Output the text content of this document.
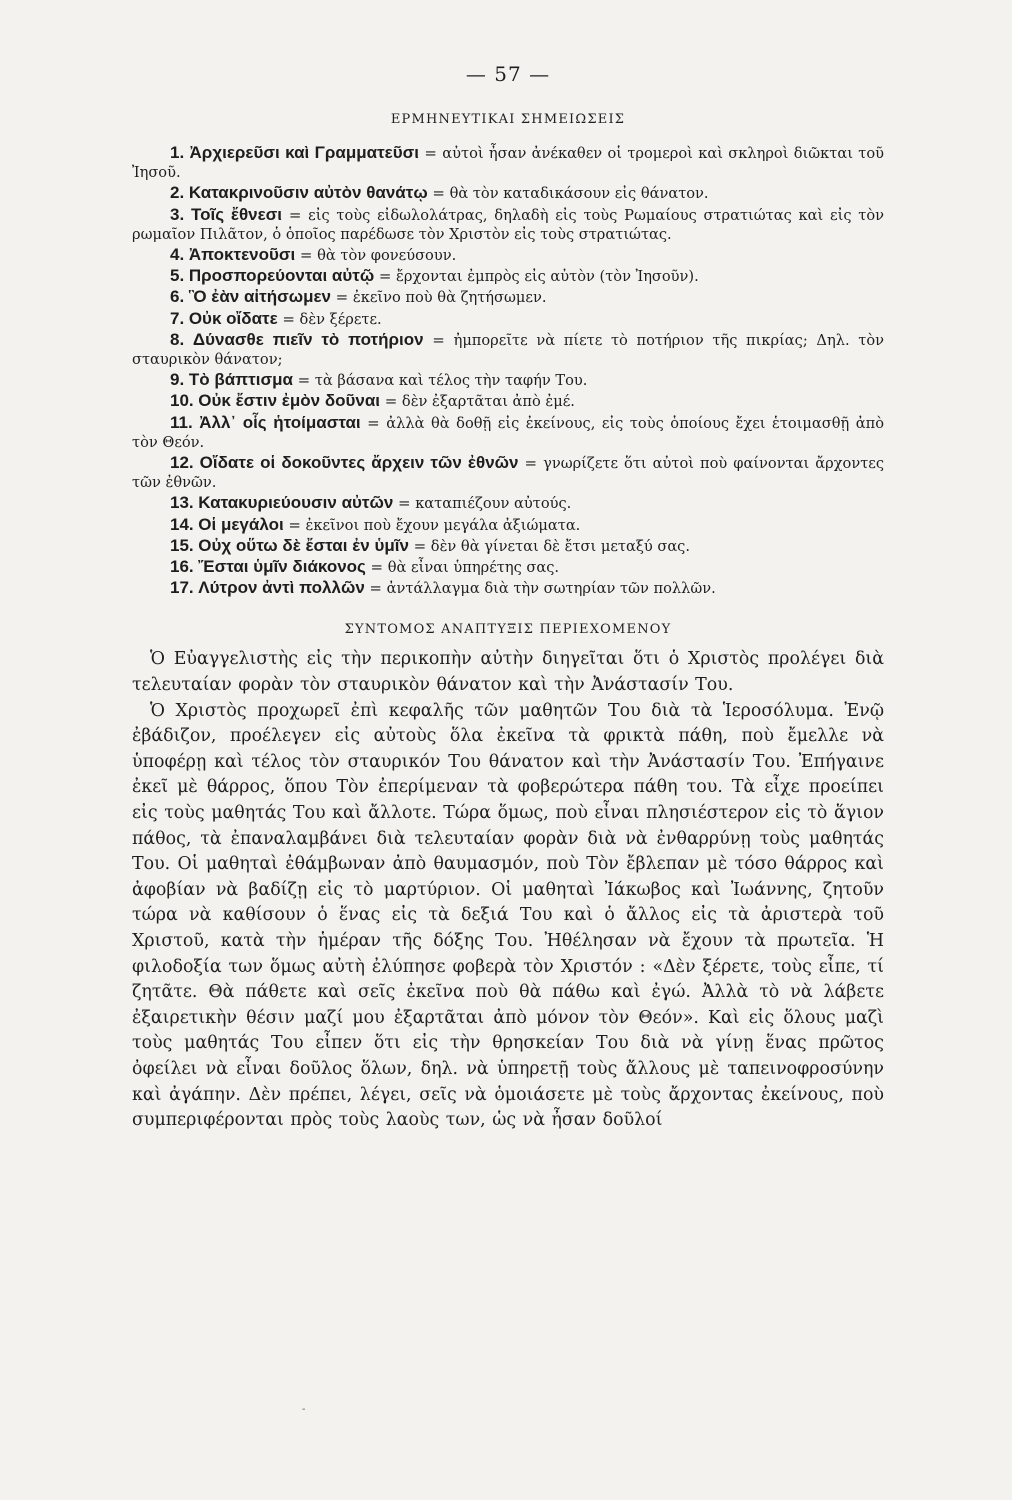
— 57 —
ΕΡΜΗΝΕΥΤΙΚΑΙ ΣΗΜΕΙΩΣΕΙΣ

1. Ἀρχιερεῦσι καὶ Γραμματεῦσι = αὐτοὶ ἦσαν ἀνέκαθεν οἱ τρομεροὶ καὶ σκληροὶ διῶκται τοῦ Ἰησοῦ.

2. Κατακρινοῦσιν αὐτὸν θανάτῳ = θὰ τὸν καταδικάσουν εἰς θάνατον.

3. Τοῖς ἔθνεσι = εἰς τοὺς εἰδωλολάτρας, δηλαδὴ εἰς τοὺς Ρωμαίους στρατιώτας καὶ εἰς τὸν ρωμαῖον Πιλᾶτον, ὁ ὁποῖος παρέδωσε τὸν Χριστὸν εἰς τοὺς στρατιώτας.

4. Ἀποκτενοῦσι = θὰ τὸν φονεύσουν.

5. Προσπορεύονται αὐτῷ = ἔρχονται ἐμπρὸς εἰς αὐτὸν (τὸν Ἰησοῦν).

6. Ὃ ἐὰν αἰτήσωμεν = ἐκεῖνο ποὺ θὰ ζητήσωμεν.

7. Οὐκ οἴδατε = δὲν ξέρετε.

8. Δύνασθε πιεῖν τὸ ποτήριον = ἠμπορεῖτε νὰ πίετε τὸ ποτήριον τῆς πικρίας; Δηλ. τὸν σταυρικὸν θάνατον;

9. Τὸ βάπτισμα = τὰ βάσανα καὶ τέλος τὴν ταφήν Του.

10. Οὐκ ἔστιν ἐμὸν δοῦναι = δὲν ἐξαρτᾶται ἀπὸ ἐμέ.

11. Ἀλλ᾽ οἷς ἡτοίμασται = ἀλλὰ θὰ δοθῇ εἰς ἐκείνους, εἰς τοὺς ὁποίους ἔχει ἑτοιμασθῇ ἀπὸ τὸν Θεόν.

12. Οἴδατε οἱ δοκοῦντες ἄρχειν τῶν ἐθνῶν = γνωρίζετε ὅτι αὐτοὶ ποὺ φαίνονται ἄρχοντες τῶν ἐθνῶν.

13. Κατακυριεύουσιν αὐτῶν = καταπιέζουν αὐτούς.

14. Οἱ μεγάλοι = ἐκεῖνοι ποὺ ἔχουν μεγάλα ἀξιώματα.

15. Οὐχ οὕτω δὲ ἔσται ἐν ὑμῖν = δὲν θὰ γίνεται δὲ ἔτσι μεταξύ σας.

16. Ἔσται ὑμῖν διάκονος = θὰ εἶναι ὑπηρέτης σας.

17. Λύτρον ἀντὶ πολλῶν = ἀντάλλαγμα διὰ τὴν σωτηρίαν τῶν πολλῶν.

ΣΥΝΤΟΜΟΣ ΑΝΑΠΤΥΞΙΣ ΠΕΡΙΕΧΟΜΕΝΟΥ

Ὁ Εὐαγγελιστὴς εἰς τὴν περικοπὴν αὐτὴν διηγεῖται ὅτι ὁ Χριστὸς προλέγει διὰ τελευταίαν φορὰν τὸν σταυρικὸν θάνατον καὶ τὴν Ἀνάστασίν Του.

Ὁ Χριστὸς προχωρεῖ ἐπὶ κεφαλῆς τῶν μαθητῶν Του διὰ τὰ Ἱεροσόλυμα. Ἐνῷ ἐβάδιζον, προέλεγεν εἰς αὐτοὺς ὅλα ἐκεῖνα τὰ φρικτὰ πάθη, ποὺ ἔμελλε νὰ ὑποφέρῃ καὶ τέλος τὸν σταυρικόν Του θάνατον καὶ τὴν Ἀνάστασίν Του. Ἐπήγαινε ἐκεῖ μὲ θάρρος, ὅπου Τὸν ἐπερίμεναν τὰ φοβερώτερα πάθη του. Τὰ εἶχε προείπει εἰς τοὺς μαθητάς Του καὶ ἄλλοτε. Τώρα ὅμως, ποὺ εἶναι πλησιέστερον εἰς τὸ ἅγιον πάθος, τὰ ἐπαναλαμβάνει διὰ τελευταίαν φορὰν διὰ νὰ ἐνθαρρύνῃ τοὺς μαθητάς Του. Οἱ μαθηταὶ ἐθάμβωναν ἀπὸ θαυμασμόν, ποὺ Τὸν ἔβλεπαν μὲ τόσο θάρρος καὶ ἀφοβίαν νὰ βαδίζῃ εἰς τὸ μαρτύριον. Οἱ μαθηταὶ Ἰάκωβος καὶ Ἰωάννης, ζητοῦν τώρα νὰ καθίσουν ὁ ἕνας εἰς τὰ δεξιά Του καὶ ὁ ἄλλος εἰς τὰ ἀριστερὰ τοῦ Χριστοῦ, κατὰ τὴν ἡμέραν τῆς δόξης Του. Ἠθέλησαν νὰ ἔχουν τὰ πρωτεῖα. Ἡ φιλοδοξία των ὅμως αὐτὴ ἐλύπησε φοβερὰ τὸν Χριστόν : «Δὲν ξέρετε, τοὺς εἶπε, τί ζητᾶτε. Θὰ πάθετε καὶ σεῖς ἐκεῖνα ποὺ θὰ πάθω καὶ ἐγώ. Ἀλλὰ τὸ νὰ λάβετε ἐξαιρετικὴν θέσιν μαζί μου ἐξαρτᾶται ἀπὸ μόνον τὸν Θεόν». Καὶ εἰς ὅλους μαζὶ τοὺς μαθητάς Του εἶπεν ὅτι εἰς τὴν θρησκείαν Του διὰ νὰ γίνῃ ἕνας πρῶτος ὀφείλει νὰ εἶναι δοῦλος ὅλων, δηλ. νὰ ὑπηρετῇ τοὺς ἄλλους μὲ ταπεινοφροσύνην καὶ ἀγάπην. Δὲν πρέπει, λέγει, σεῖς νὰ ὁμοιάσετε μὲ τοὺς ἄρχοντας ἐκείνους, ποὺ συμπεριφέρονται πρὸς τοὺς λαοὺς των, ὡς νὰ ἦσαν δοῦλοί

-
